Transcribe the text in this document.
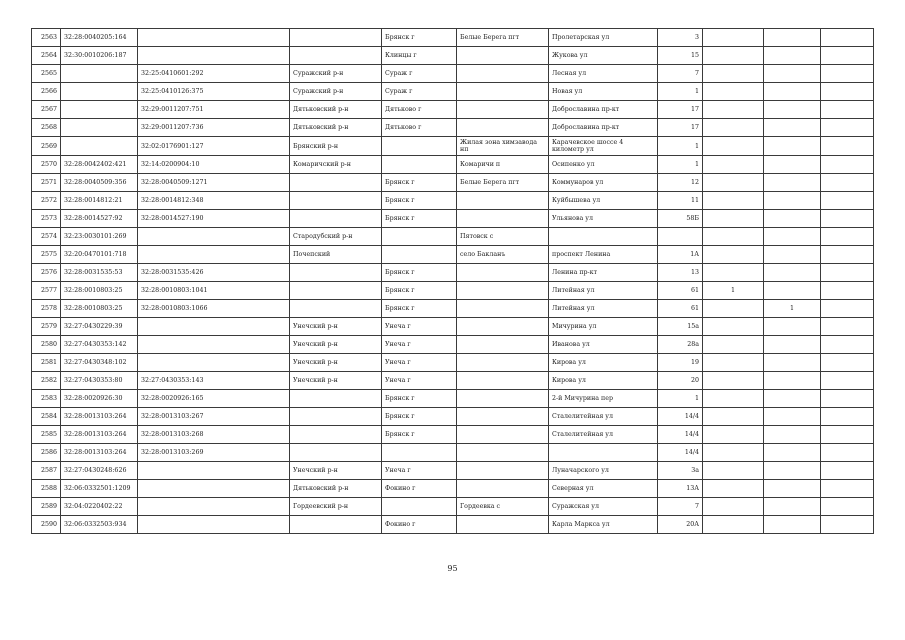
2563	32:28:0040205:164			Брянск г	Белые Берега пгт	Пролетарская ул	3			
2564	32:30:0010206:187			Клинцы г		Жукова ул	15			
2565		32:25:0410601:292	Суражский р-н	Сураж г		Лесная ул	7			
2566		32:25:0410126:375	Суражский р-н	Сураж г		Новая ул	1			
2567		32:29:0011207:751	Дятьковский р-н	Дятьково г		Доброславина пр-кт	17			
2568		32:29:0011207:736	Дятьковский р-н	Дятьково г		Доброславина пр-кт	17			
2569		32:02:0176901:127	Брянский р-н		Жилая зона химзавода нп	Карачевское шоссе 4 километр ул	1			
2570	32:28:0042402:421	32:14:0200904:10	Комаричский р-н		Комаричи п	Осипенко ул	1			
2571	32:28:0040509:356	32:28:0040509:1271		Брянск г	Белые Берега пгт	Коммунаров ул	12			
2572	32:28:0014812:21	32:28:0014812:348		Брянск г		Куйбышева ул	11			
2573	32:28:0014527:92	32:28:0014527:190		Брянск г		Ульянова ул	58Б			
2574	32:23:0030101:269		Стародубский р-н		Пятовск с					
2575	32:20:0470101:718		Почепский		село Бакланъ	проспект Ленина	1А			
2576	32:28:0031535:53	32:28:0031535:426		Брянск г		Ленина пр-кт	13			
2577	32:28:0010803:25	32:28:0010803:1041		Брянск г		Литейная ул	61	1		
2578	32:28:0010803:25	32:28:0010803:1066		Брянск г		Литейная ул	61		1	
2579	32:27:0430229:39		Унечский р-н	Унеча г		Мичурина ул	15а			
2580	32:27:0430353:142		Унечский р-н	Унеча г		Иванова ул	28а			
2581	32:27:0430348:102		Унечский р-н	Унеча г		Кирова ул	19			
2582	32:27:0430353:80	32:27:0430353:143	Унечский р-н	Унеча г		Кирова ул	20			
2583	32:28:0020926:30	32:28:0020926:165		Брянск г		2-й Мичурина пер	1			
2584	32:28:0013103:264	32:28:0013103:267		Брянск г		Сталелитейная ул	14/4			
2585	32:28:0013103:264	32:28:0013103:268		Брянск г		Сталелитейная ул	14/4			
2586	32:28:0013103:264	32:28:0013103:269					14/4			
2587	32:27:0430248:626		Унечский р-н	Унеча г		Луначарского ул	3а			
2588	32:06:0332501:1209		Дятьковский р-н	Фокино г		Северная ул	13А			
2589	32:04:0220402:22		Гордеевский р-н		Гордеевка с	Суражская ул	7			
2590	32:06:0332503:934			Фокино г		Карла Маркса ул	20А			
95
